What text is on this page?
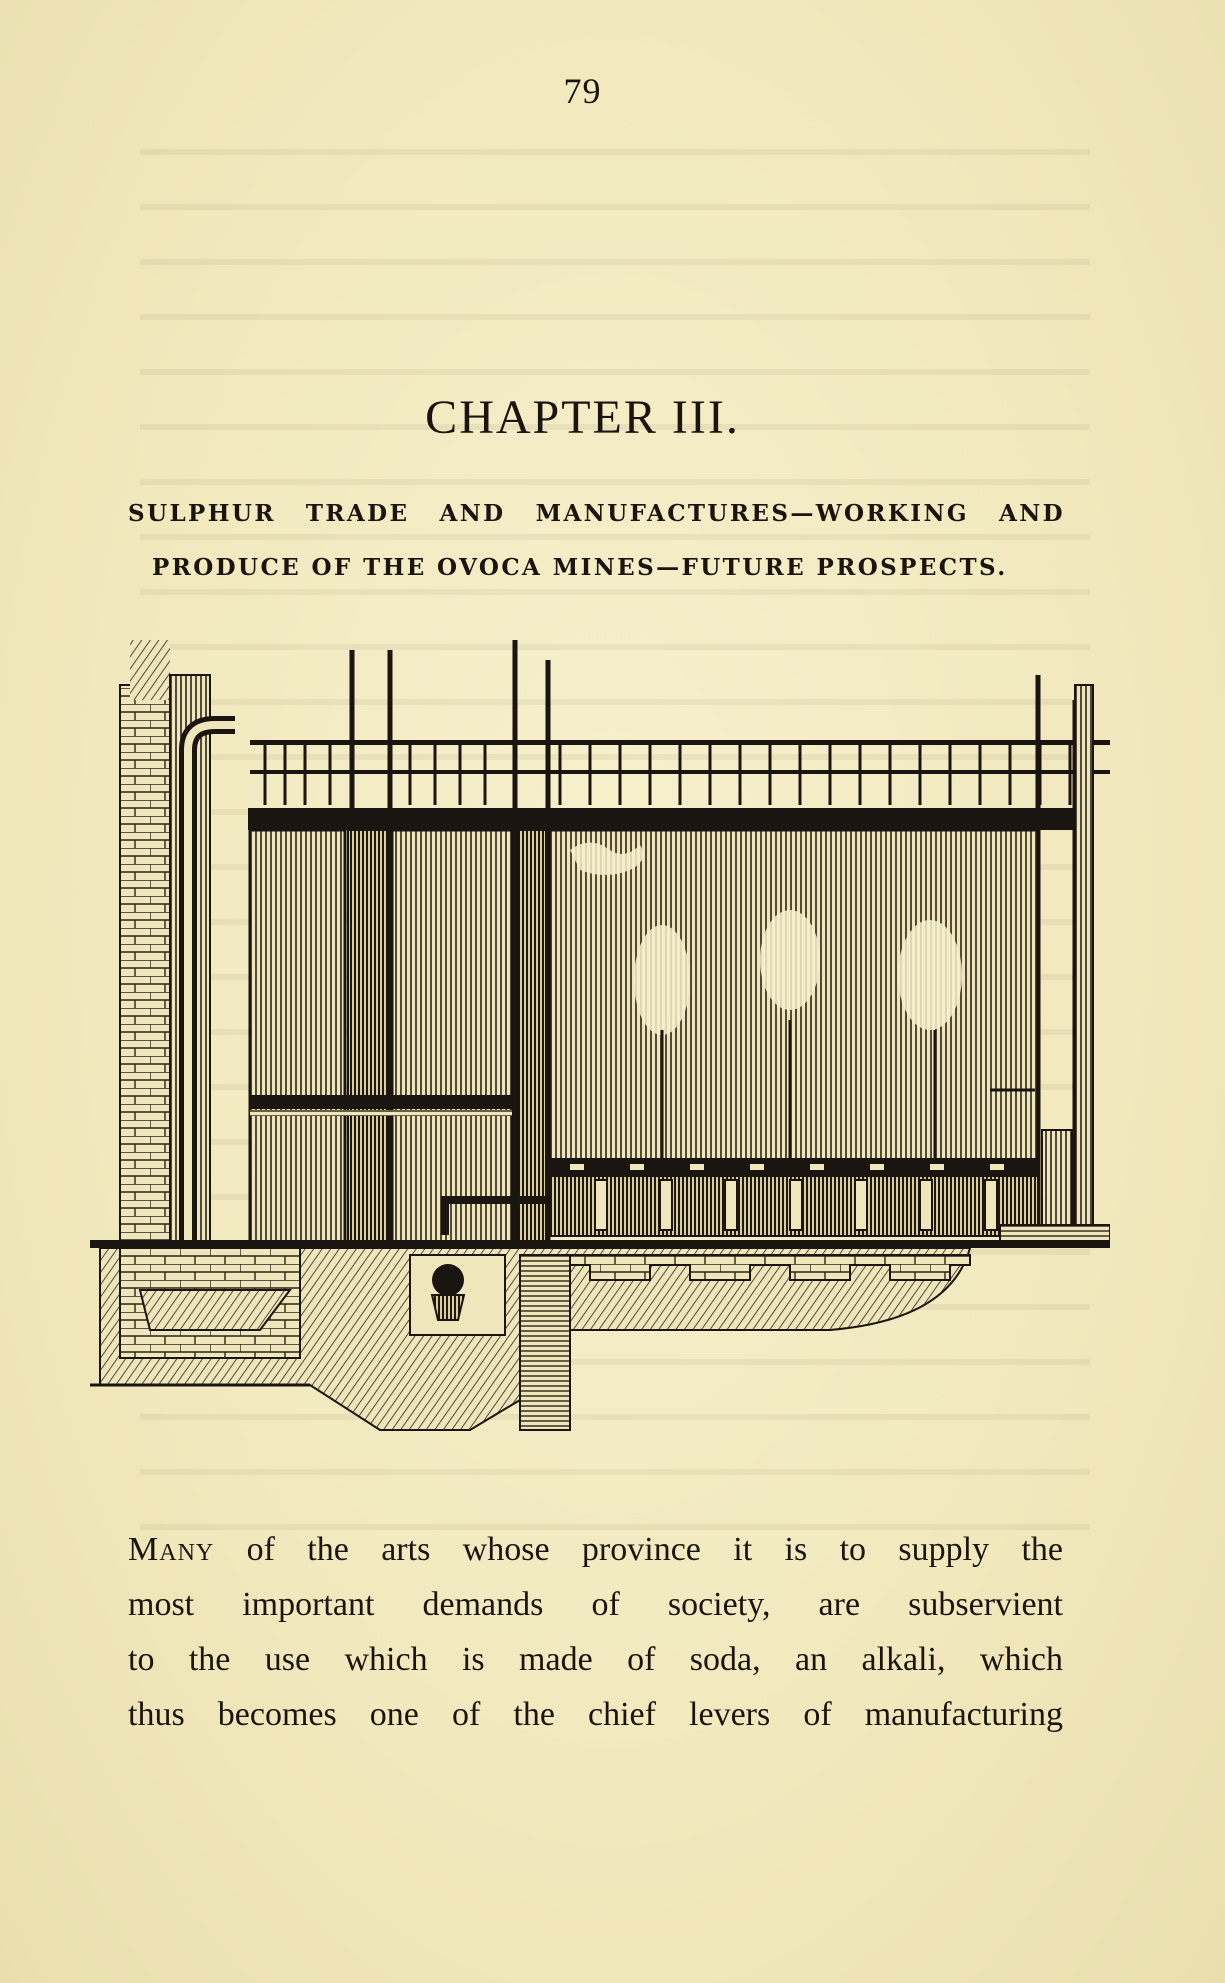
79
CHAPTER III.
SULPHUR TRADE AND MANUFACTURES—WORKING AND
PRODUCE OF THE OVOCA MINES—FUTURE PROSPECTS.
Many of the arts whose province it is to supply the
most important demands of society, are subservient
to the use which is made of soda, an alkali, which
thus becomes one of the chief levers of manufacturing
